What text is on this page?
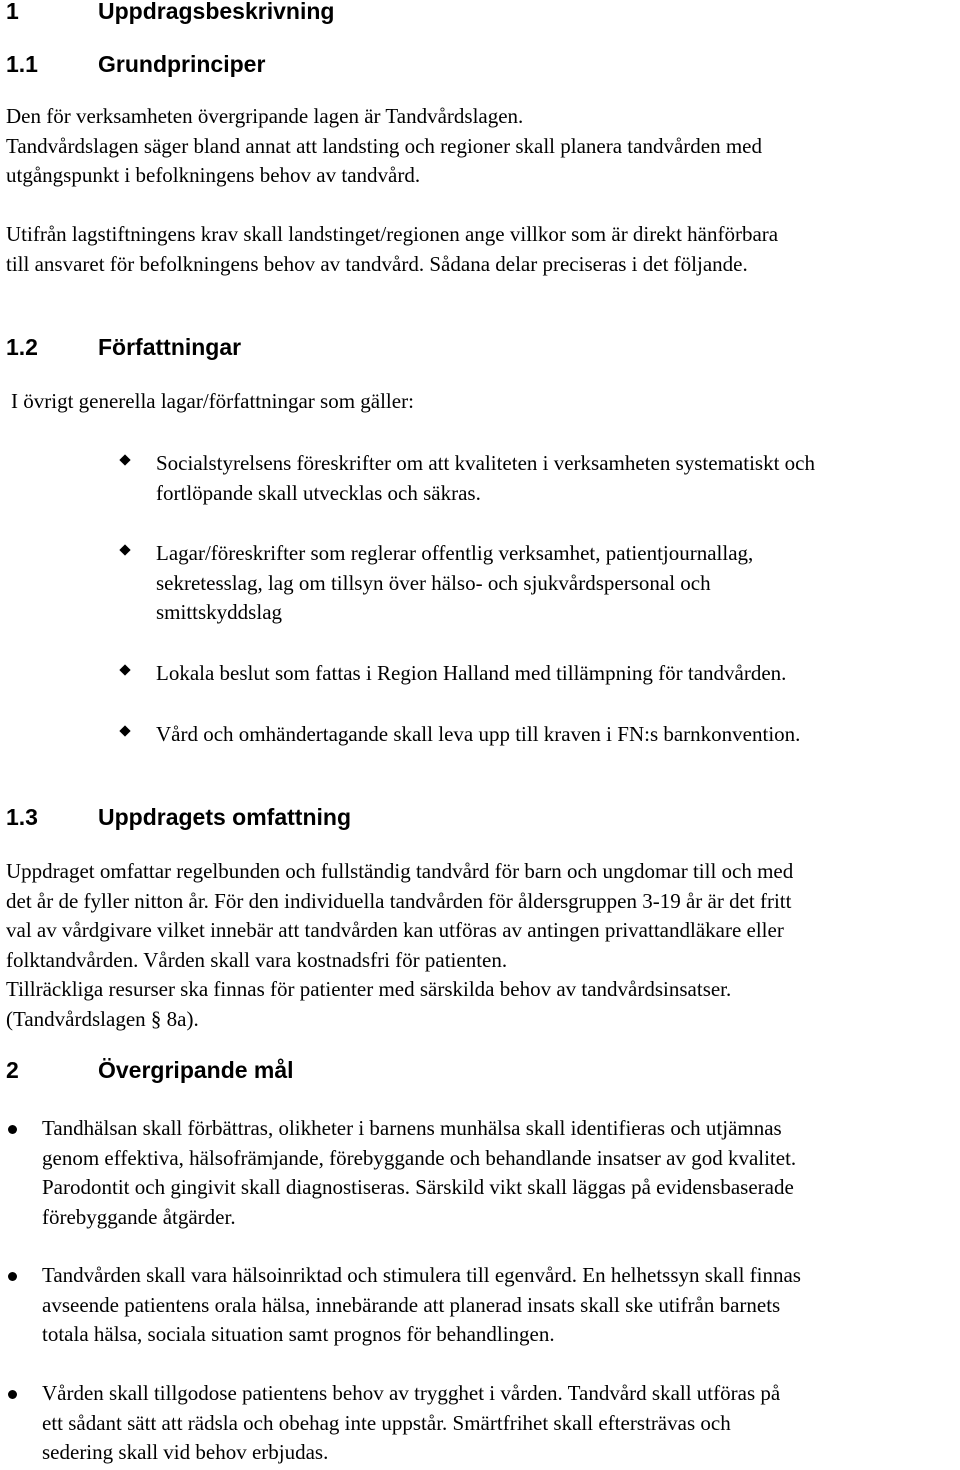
1	Uppdragsbeskrivning
1.1	Grundprinciper

Den för verksamheten övergripande lagen är Tandvårdslagen.
Tandvårdslagen säger bland annat att landsting och regioner skall planera tandvården med
utgångspunkt i befolkningens behov av tandvård.

Utifrån lagstiftningens krav skall landstinget/regionen ange villkor som är direkt hänförbara
till ansvaret för befolkningens behov av tandvård. Sådana delar preciseras i det följande.

1.2	Författningar

I övrigt generella lagar/författningar som gäller:

Socialstyrelsens föreskrifter om att kvaliteten i verksamheten systematiskt och
fortlöpande skall utvecklas och säkras.

Lagar/föreskrifter som reglerar offentlig verksamhet, patientjournallag,
sekretesslag, lag om tillsyn över hälso- och sjukvårdspersonal och
smittskyddslag

Lokala beslut som fattas i Region Halland med tillämpning för tandvården.

Vård och omhändertagande skall leva upp till kraven i FN:s barnkonvention.

1.3	Uppdragets omfattning

Uppdraget omfattar regelbunden och fullständig tandvård för barn och ungdomar till och med
det år de fyller nitton år. För den individuella tandvården för åldersgruppen 3-19 år är det fritt
val av vårdgivare vilket innebär att tandvården kan utföras av antingen privattandläkare eller
folktandvården. Vården skall vara kostnadsfri för patienten.
Tillräckliga resurser ska finnas för patienter med särskilda behov av tandvårdsinsatser.
(Tandvårdslagen § 8a).

2	Övergripande mål

Tandhälsan skall förbättras, olikheter i barnens munhälsa skall identifieras och utjämnas
genom effektiva, hälsofrämjande, förebyggande och behandlande insatser av god kvalitet.
Parodontit och gingivit skall diagnostiseras. Särskild vikt skall läggas på evidensbaserade
förebyggande åtgärder.

Tandvården skall vara hälsoinriktad och stimulera till egenvård. En helhetssyn skall finnas
avseende patientens orala hälsa, innebärande att planerad insats skall ske utifrån barnets
totala hälsa, sociala situation samt prognos för behandlingen.

Vården skall tillgodose patientens behov av trygghet i vården. Tandvård skall utföras på
ett sådant sätt att rädsla och obehag inte uppstår. Smärtfrihet skall eftersträvas och
sedering skall vid behov erbjudas.
